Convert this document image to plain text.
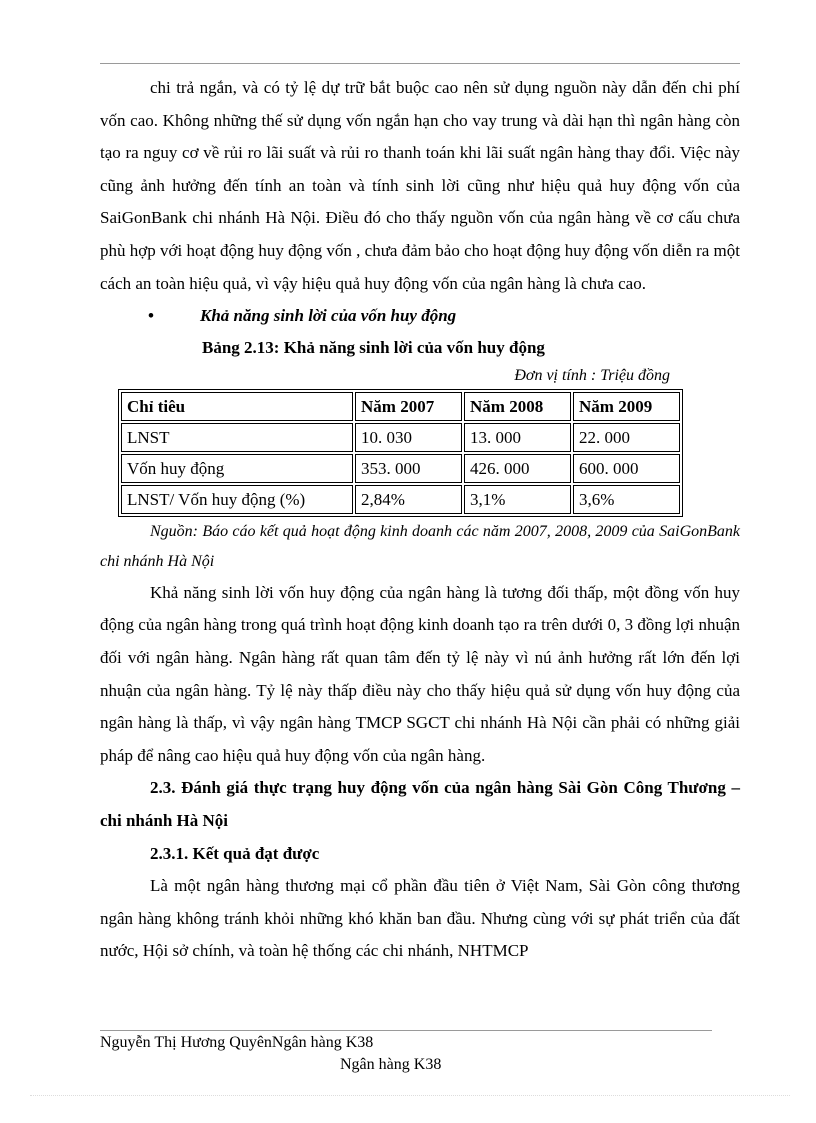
chi trả ngắn, và có tỷ lệ dự trữ bắt buộc cao nên sử dụng nguồn này dẫn đến chi phí vốn cao. Không những thế sử dụng vốn ngắn hạn cho vay trung và dài hạn thì ngân hàng còn tạo ra nguy cơ về rủi ro lãi suất và rủi ro thanh toán khi lãi suất ngân hàng thay đổi. Việc này cũng ảnh hưởng đến tính an toàn và tính sinh lời cũng như hiệu quả huy động vốn của SaiGonBank chi nhánh Hà Nội. Điều đó cho thấy nguồn vốn của ngân hàng về cơ cấu chưa phù hợp với hoạt động huy động vốn , chưa đảm bảo cho hoạt động huy động vốn diễn ra một cách an toàn hiệu quả, vì vậy hiệu quả huy động vốn của ngân hàng là chưa cao.

•	Khả năng sinh lời của vốn huy động

Bảng 2.13: Khả năng sinh lời của vốn huy động

Đơn vị tính : Triệu đồng

Chỉ tiêu	Năm 2007	Năm 2008	Năm 2009
LNST	10. 030	13. 000	22. 000
Vốn huy động	353. 000	426. 000	600. 000
LNST/ Vốn huy động (%)	2,84%	3,1%	3,6%

Nguồn: Báo cáo kết quả hoạt động kinh doanh các năm 2007, 2008, 2009 của SaiGonBank chi nhánh Hà Nội

Khả năng sinh lời vốn huy động của ngân hàng là tương đối thấp, một đồng vốn huy động của ngân hàng trong quá trình hoạt động kinh doanh tạo ra trên dưới 0, 3 đồng lợi nhuận đối với ngân hàng. Ngân hàng rất quan tâm đến tỷ lệ này vì nú ảnh hưởng rất lớn đến lợi nhuận của ngân hàng. Tỷ lệ này thấp điều này cho thấy hiệu quả sử dụng vốn huy động của ngân hàng là thấp, vì vậy ngân hàng TMCP SGCT chi nhánh Hà Nội cần phải có những giải pháp để nâng cao hiệu quả huy động vốn của ngân hàng.

2.3. Đánh giá thực trạng huy động vốn của ngân hàng Sài Gòn Công Thương – chi nhánh Hà Nội

2.3.1. Kết quả đạt được

Là một ngân hàng thương mại cổ phần đầu tiên ở Việt Nam, Sài Gòn công thương ngân hàng không tránh khỏi những khó khăn ban đầu. Nhưng cùng với sự phát triển của đất nước, Hội sở chính, và toàn hệ thống các chi nhánh, NHTMCP

Nguyễn Thị Hương QuyênNgân hàng K38
Ngân hàng K38
